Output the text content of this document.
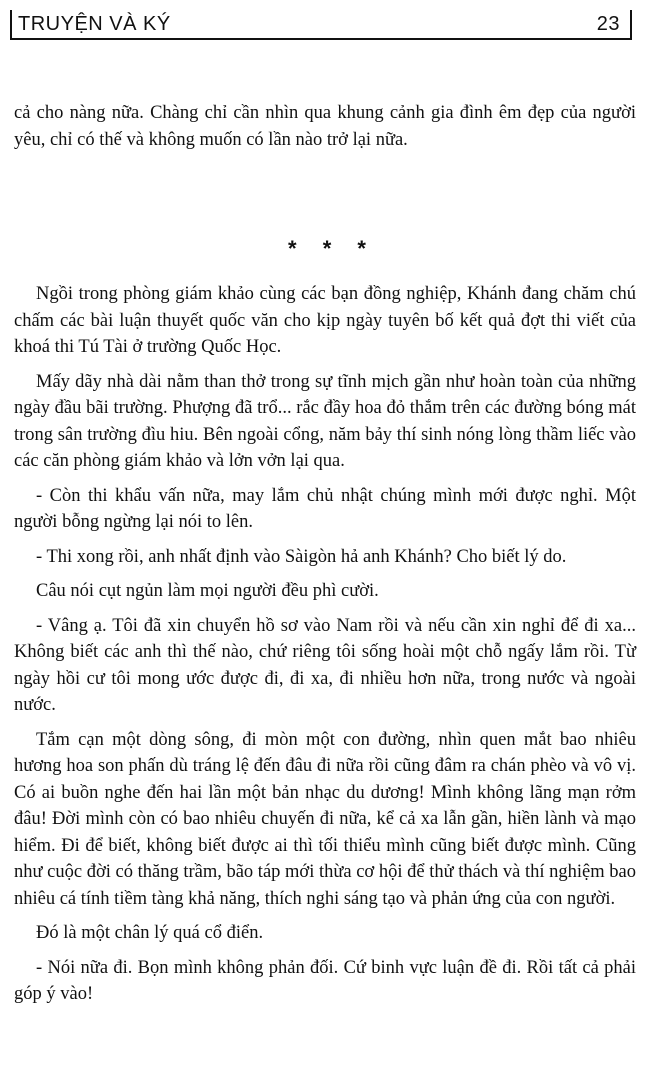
TRUYỆN VÀ KÝ	23

cả cho nàng nữa. Chàng chỉ cần nhìn qua khung cảnh gia đình êm đẹp của người yêu, chỉ có thế và không muốn có lần nào trở lại nữa.

* * *

Ngồi trong phòng giám khảo cùng các bạn đồng nghiệp, Khánh đang chăm chú chấm các bài luận thuyết quốc văn cho kịp ngày tuyên bố kết quả đợt thi viết của khoá thi Tú Tài ở trường Quốc Học.

Mấy dãy nhà dài nằm than thở trong sự tĩnh mịch gần như hoàn toàn của những ngày đầu bãi trường. Phượng đã trổ... rắc đầy hoa đỏ thắm trên các đường bóng mát trong sân trường đìu hiu. Bên ngoài cổng, năm bảy thí sinh nóng lòng thầm liếc vào các căn phòng giám khảo và lởn vởn lại qua.

- Còn thi khẩu vấn nữa, may lắm chủ nhật chúng mình mới được nghỉ. Một người bỗng ngừng lại nói to lên.

- Thi xong rồi, anh nhất định vào Sàigòn hả anh Khánh? Cho biết lý do.

Câu nói cụt ngủn làm mọi người đều phì cười.

- Vâng ạ. Tôi đã xin chuyển hồ sơ vào Nam rồi và nếu cần xin nghỉ để đi xa... Không biết các anh thì thế nào, chứ riêng tôi sống hoài một chỗ ngấy lắm rồi. Từ ngày hồi cư tôi mong ước được đi, đi xa, đi nhiều hơn nữa, trong nước và ngoài nước.

Tắm cạn một dòng sông, đi mòn một con đường, nhìn quen mắt bao nhiêu hương hoa son phấn dù tráng lệ đến đâu đi nữa rồi cũng đâm ra chán phèo và vô vị. Có ai buồn nghe đến hai lần một bản nhạc du dương! Mình không lãng mạn rởm đâu! Đời mình còn có bao nhiêu chuyến đi nữa, kể cả xa lẫn gần, hiền lành và mạo hiểm. Đi để biết, không biết được ai thì tối thiểu mình cũng biết được mình. Cũng như cuộc đời có thăng trầm, bão táp mới thừa cơ hội để thử thách và thí nghiệm bao nhiêu cá tính tiềm tàng khả năng, thích nghi sáng tạo và phản ứng của con người.

Đó là một chân lý quá cổ điển.

- Nói nữa đi. Bọn mình không phản đối. Cứ binh vực luận đề đi. Rồi tất cả phải góp ý vào!
